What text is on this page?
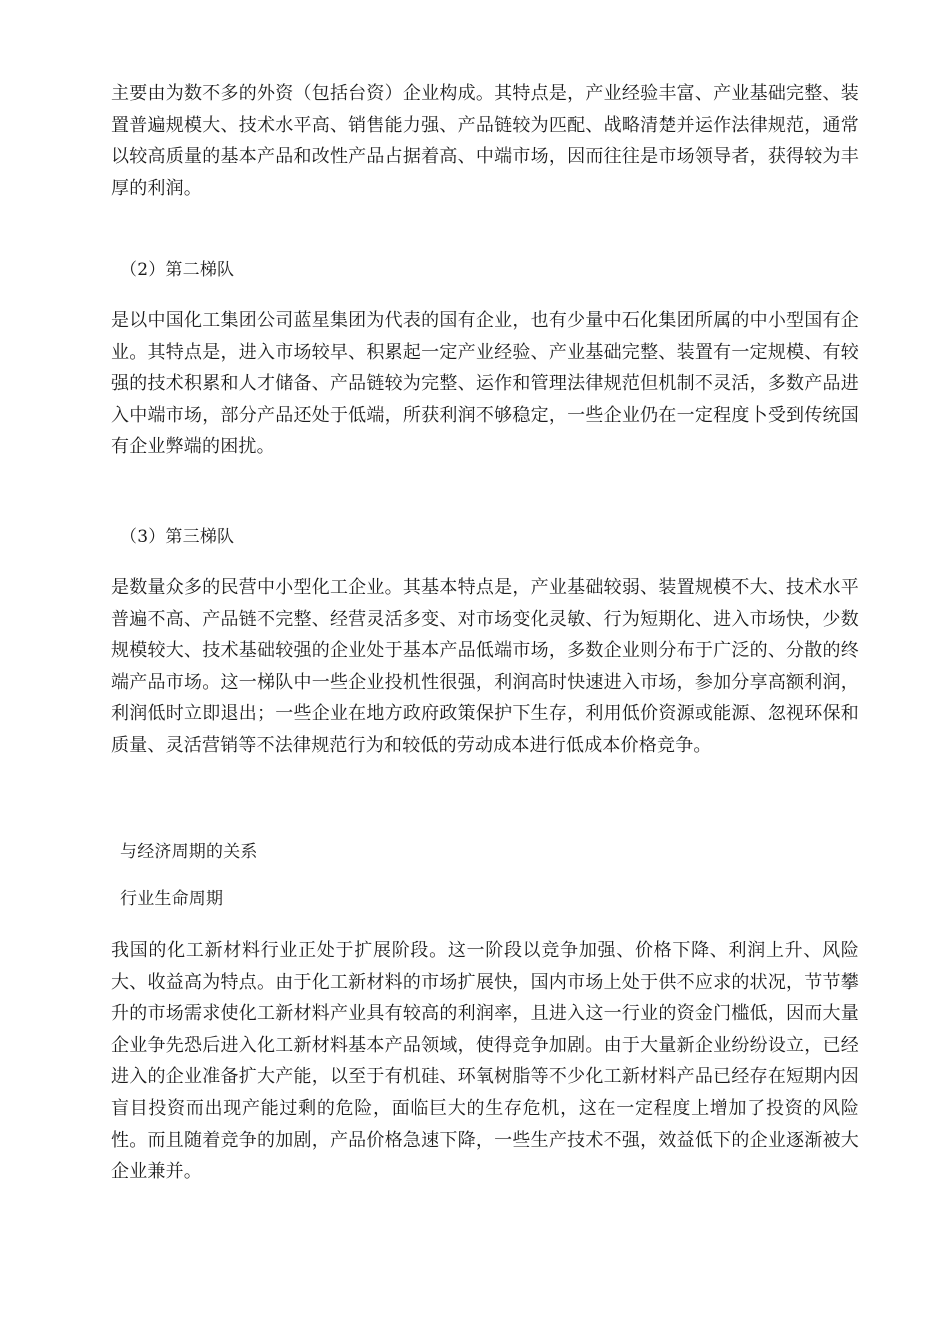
主要由为数不多的外资（包括台资）企业构成。其特点是，产业经验丰富、产业基础完整、装置普遍规模大、技术水平高、销售能力强、产品链较为匹配、战略清楚并运作法律规范，通常以较高质量的基本产品和改性产品占据着高、中端市场，因而往往是市场领导者，获得较为丰厚的利润。

（2）第二梯队

是以中国化工集团公司蓝星集团为代表的国有企业，也有少量中石化集团所属的中小型国有企业。其特点是，进入市场较早、积累起一定产业经验、产业基础完整、装置有一定规模、有较强的技术积累和人才储备、产品链较为完整、运作和管理法律规范但机制不灵活，多数产品进入中端市场，部分产品还处于低端，所获利润不够稳定，一些企业仍在一定程度卜受到传统国有企业弊端的困扰。

（3）第三梯队

是数量众多的民营中小型化工企业。其基本特点是，产业基础较弱、装置规模不大、技术水平普遍不高、产品链不完整、经营灵活多变、对市场变化灵敏、行为短期化、进入市场快，少数规模较大、技术基础较强的企业处于基本产品低端市场，多数企业则分布于广泛的、分散的终端产品市场。这一梯队中一些企业投机性很强，利润高时快速进入市场，参加分享高额利润，利润低时立即退出；一些企业在地方政府政策保护下生存，利用低价资源或能源、忽视环保和质量、灵活营销等不法律规范行为和较低的劳动成本进行低成本价格竞争。

与经济周期的关系

行业生命周期

我国的化工新材料行业正处于扩展阶段。这一阶段以竞争加强、价格下降、利润上升、风险大、收益高为特点。由于化工新材料的市场扩展快，国内市场上处于供不应求的状况，节节攀升的市场需求使化工新材料产业具有较高的利润率，且进入这一行业的资金门槛低，因而大量企业争先恐后进入化工新材料基本产品领域，使得竞争加剧。由于大量新企业纷纷设立，已经进入的企业准备扩大产能，以至于有机硅、环氧树脂等不少化工新材料产品已经存在短期内因盲目投资而出现产能过剩的危险，面临巨大的生存危机，这在一定程度上增加了投资的风险性。而且随着竞争的加剧，产品价格急速下降，一些生产技术不强，效益低下的企业逐渐被大企业兼并。
